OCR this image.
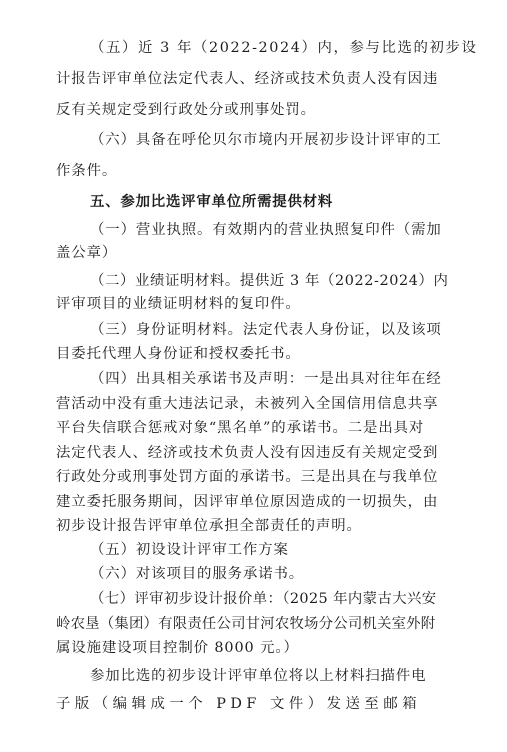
（五）近 3 年（2022-2024）内，参与比选的初步设
计报告评审单位法定代表人、经济或技术负责人没有因违
反有关规定受到行政处分或刑事处罚。
（六）具备在呼伦贝尔市境内开展初步设计评审的工
作条件。
五、参加比选评审单位所需提供材料
（一）营业执照。有效期内的营业执照复印件（需加
盖公章）
（二）业绩证明材料。提供近 3 年（2022-2024）内
评审项目的业绩证明材料的复印件。
（三）身份证明材料。法定代表人身份证，以及该项
目委托代理人身份证和授权委托书。
（四）出具相关承诺书及声明：一是出具对往年在经
营活动中没有重大违法记录，未被列入全国信用信息共享
平台失信联合惩戒对象“黑名单”的承诺书。二是出具对
法定代表人、经济或技术负责人没有因违反有关规定受到
行政处分或刑事处罚方面的承诺书。三是出具在与我单位
建立委托服务期间，因评审单位原因造成的一切损失，由
初步设计报告评审单位承担全部责任的声明。
（五）初设设计评审工作方案
（六）对该项目的服务承诺书。
（七）评审初步设计报价单：（2025 年内蒙古大兴安
岭农垦（集团）有限责任公司甘河农牧场分公司机关室外附
属设施建设项目控制价 8000 元。）
参加比选的初步设计评审单位将以上材料扫描件电
子版（编辑成一个 PDF 文件）发送至邮箱
